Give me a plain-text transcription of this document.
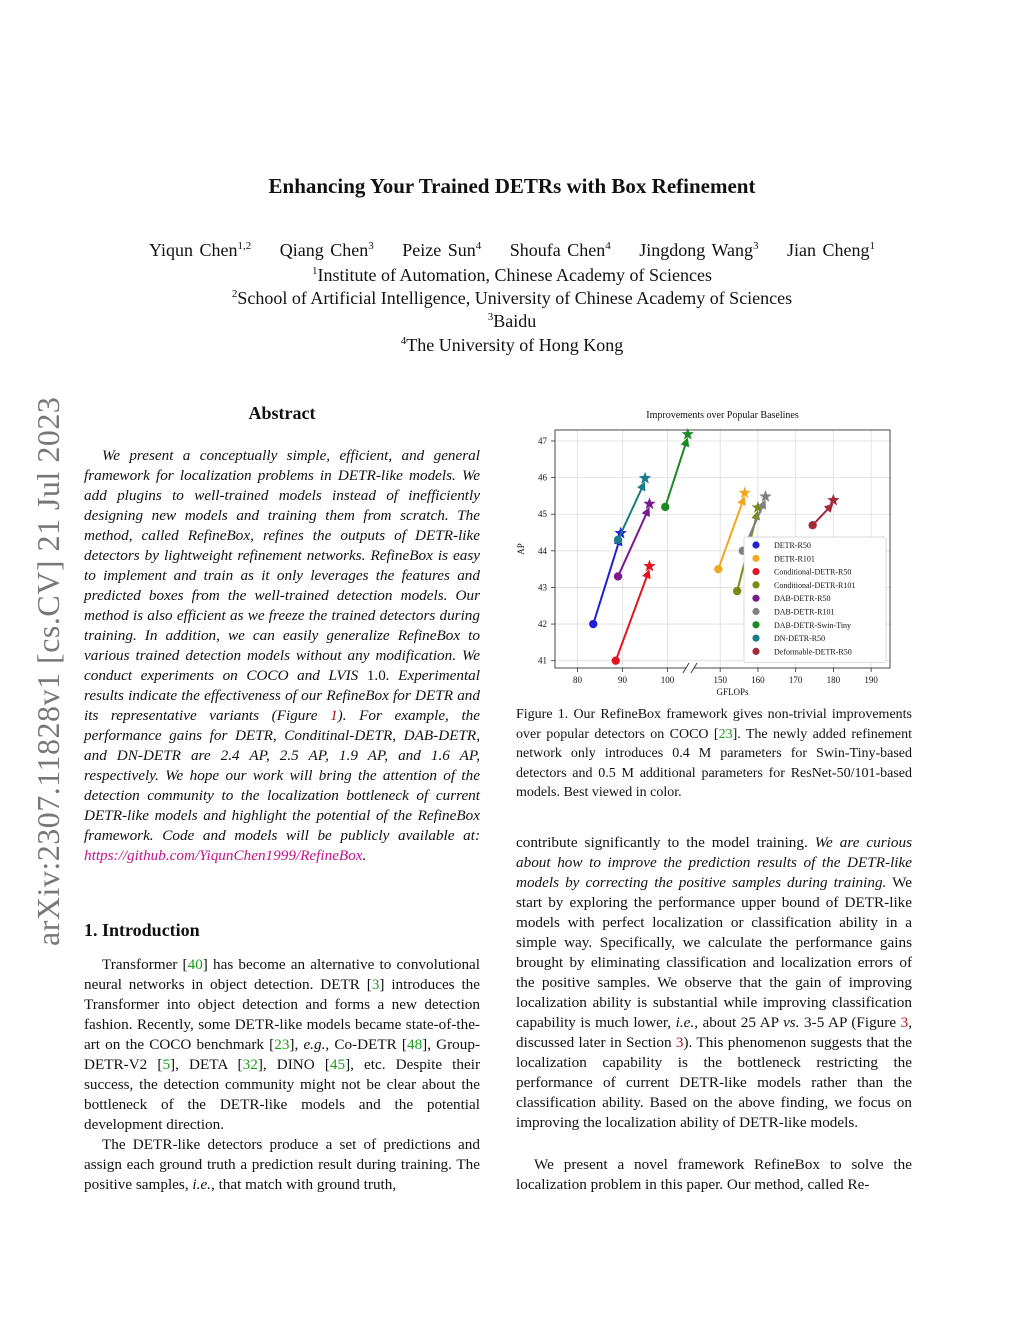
arXiv:2307.11828v1 [cs.CV] 21 Jul 2023
Enhancing Your Trained DETRs with Box Refinement
Yiqun Chen$^{1,2}$ Qiang Chen$^3$ Peize Sun$^4$ Shoufa Chen$^4$ Jingdong Wang$^3$ Jian Cheng$^1$
$^1$Institute of Automation, Chinese Academy of Sciences
$^2$School of Artificial Intelligence, University of Chinese Academy of Sciences
$^3$Baidu
$^4$The University of Hong Kong
Abstract
We present a conceptually simple, efficient, and general framework for localization problems in DETR-like models. We add plugins to well-trained models instead of inefficiently designing new models and training them from scratch. The method, called RefineBox, refines the outputs of DETR-like detectors by lightweight refinement networks. RefineBox is easy to implement and train as it only leverages the features and predicted boxes from the well-trained detection models. Our method is also efficient as we freeze the trained detectors during training. In addition, we can easily generalize RefineBox to various trained detection models without any modification. We conduct experiments on COCO and LVIS 1.0. Experimental results indicate the effectiveness of our RefineBox for DETR and its representative variants (Figure 1). For example, the performance gains for DETR, Conditinal-DETR, DAB-DETR, and DN-DETR are 2.4 AP, 2.5 AP, 1.9 AP, and 1.6 AP, respectively. We hope our work will bring the attention of the detection community to the localization bottleneck of current DETR-like models and highlight the potential of the RefineBox framework. Code and models will be publicly available at: https://github.com/YiqunChen1999/RefineBox.
1. Introduction
Transformer [40] has become an alternative to convolutional neural networks in object detection. DETR [3] introduces the Transformer into object detection and forms a new detection fashion. Recently, some DETR-like models became state-of-the-art on the COCO benchmark [23], e.g., Co-DETR [48], Group-DETR-V2 [5], DETA [32], DINO [45], etc. Despite their success, the detection community might not be clear about the bottleneck of the DETR-like models and the potential development direction.
The DETR-like detectors produce a set of predictions and assign each ground truth a prediction result during training. The positive samples, i.e., that match with ground truth,
Improvements over Popular Baselines
41
42
43
44
45
46
47
80	90	100	150	160	170	180	190
GFLOPs
AP	DETR-R50
DETR-R101
Conditional-DETR-R50
Conditional-DETR-R101
DAB-DETR-R50
DAB-DETR-R101
DAB-DETR-Swin-Tiny
DN-DETR-R50
Deformable-DETR-R50
Figure 1. Our RefineBox framework gives non-trivial improvements over popular detectors on COCO [23]. The newly added refinement network only introduces 0.4 M parameters for Swin-Tiny-based detectors and 0.5 M additional parameters for ResNet-50/101-based models. Best viewed in color.
contribute significantly to the model training. We are curious about how to improve the prediction results of the DETR-like models by correcting the positive samples during training. We start by exploring the performance upper bound of DETR-like models with perfect localization or classification ability in a simple way. Specifically, we calculate the performance gains brought by eliminating classification and localization errors of the positive samples. We observe that the gain of improving localization ability is substantial while improving classification capability is much lower, i.e., about 25 AP vs. 3-5 AP (Figure 3, discussed later in Section 3). This phenomenon suggests that the localization capability is the bottleneck restricting the performance of current DETR-like models rather than the classification ability. Based on the above finding, we focus on improving the localization ability of DETR-like models.
We present a novel framework RefineBox to solve the localization problem in this paper. Our method, called Re-
